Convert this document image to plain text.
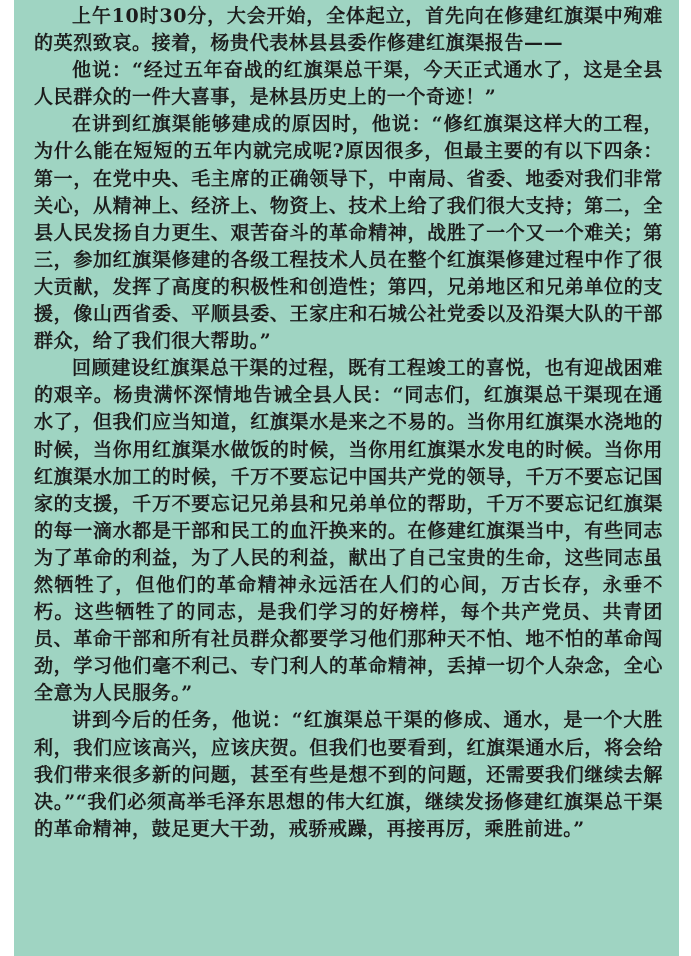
上午10时30分，大会开始，全体起立，首先向在修建红旗渠中殉难的英烈致哀。接着，杨贵代表林县县委作修建红旗渠报告——

他说：“经过五年奋战的红旗渠总干渠，今天正式通水了，这是全县人民群众的一件大喜事，是林县历史上的一个奇迹！”

在讲到红旗渠能够建成的原因时，他说：“修红旗渠这样大的工程，为什么能在短短的五年内就完成呢?原因很多，但最主要的有以下四条：第一，在党中央、毛主席的正确领导下，中南局、省委、地委对我们非常关心，从精神上、经济上、物资上、技术上给了我们很大支持；第二，全县人民发扬自力更生、艰苦奋斗的革命精神，战胜了一个又一个难关；第三，参加红旗渠修建的各级工程技术人员在整个红旗渠修建过程中作了很大贡献，发挥了高度的积极性和创造性；第四，兄弟地区和兄弟单位的支援，像山西省委、平顺县委、王家庄和石城公社党委以及沿渠大队的干部群众，给了我们很大帮助。”

回顾建设红旗渠总干渠的过程，既有工程竣工的喜悦，也有迎战困难的艰辛。杨贵满怀深情地告诫全县人民：“同志们，红旗渠总干渠现在通水了，但我们应当知道，红旗渠水是来之不易的。当你用红旗渠水浇地的时候，当你用红旗渠水做饭的时候，当你用红旗渠水发电的时候。当你用红旗渠水加工的时候，千万不要忘记中国共产党的领导，千万不要忘记国家的支援，千万不要忘记兄弟县和兄弟单位的帮助，千万不要忘记红旗渠的每一滴水都是干部和民工的血汗换来的。在修建红旗渠当中，有些同志为了革命的利益，为了人民的利益，献出了自己宝贵的生命，这些同志虽然牺牲了，但他们的革命精神永远活在人们的心间，万古长存，永垂不朽。这些牺牲了的同志，是我们学习的好榜样，每个共产党员、共青团员、革命干部和所有社员群众都要学习他们那种天不怕、地不怕的革命闯劲，学习他们毫不利己、专门利人的革命精神，丢掉一切个人杂念，全心全意为人民服务。”

讲到今后的任务，他说：“红旗渠总干渠的修成、通水，是一个大胜利，我们应该高兴，应该庆贺。但我们也要看到，红旗渠通水后，将会给我们带来很多新的问题，甚至有些是想不到的问题，还需要我们继续去解决。”“我们必须高举毛泽东思想的伟大红旗，继续发扬修建红旗渠总干渠的革命精神，鼓足更大干劲，戒骄戒躁，再接再厉，乘胜前进。”
